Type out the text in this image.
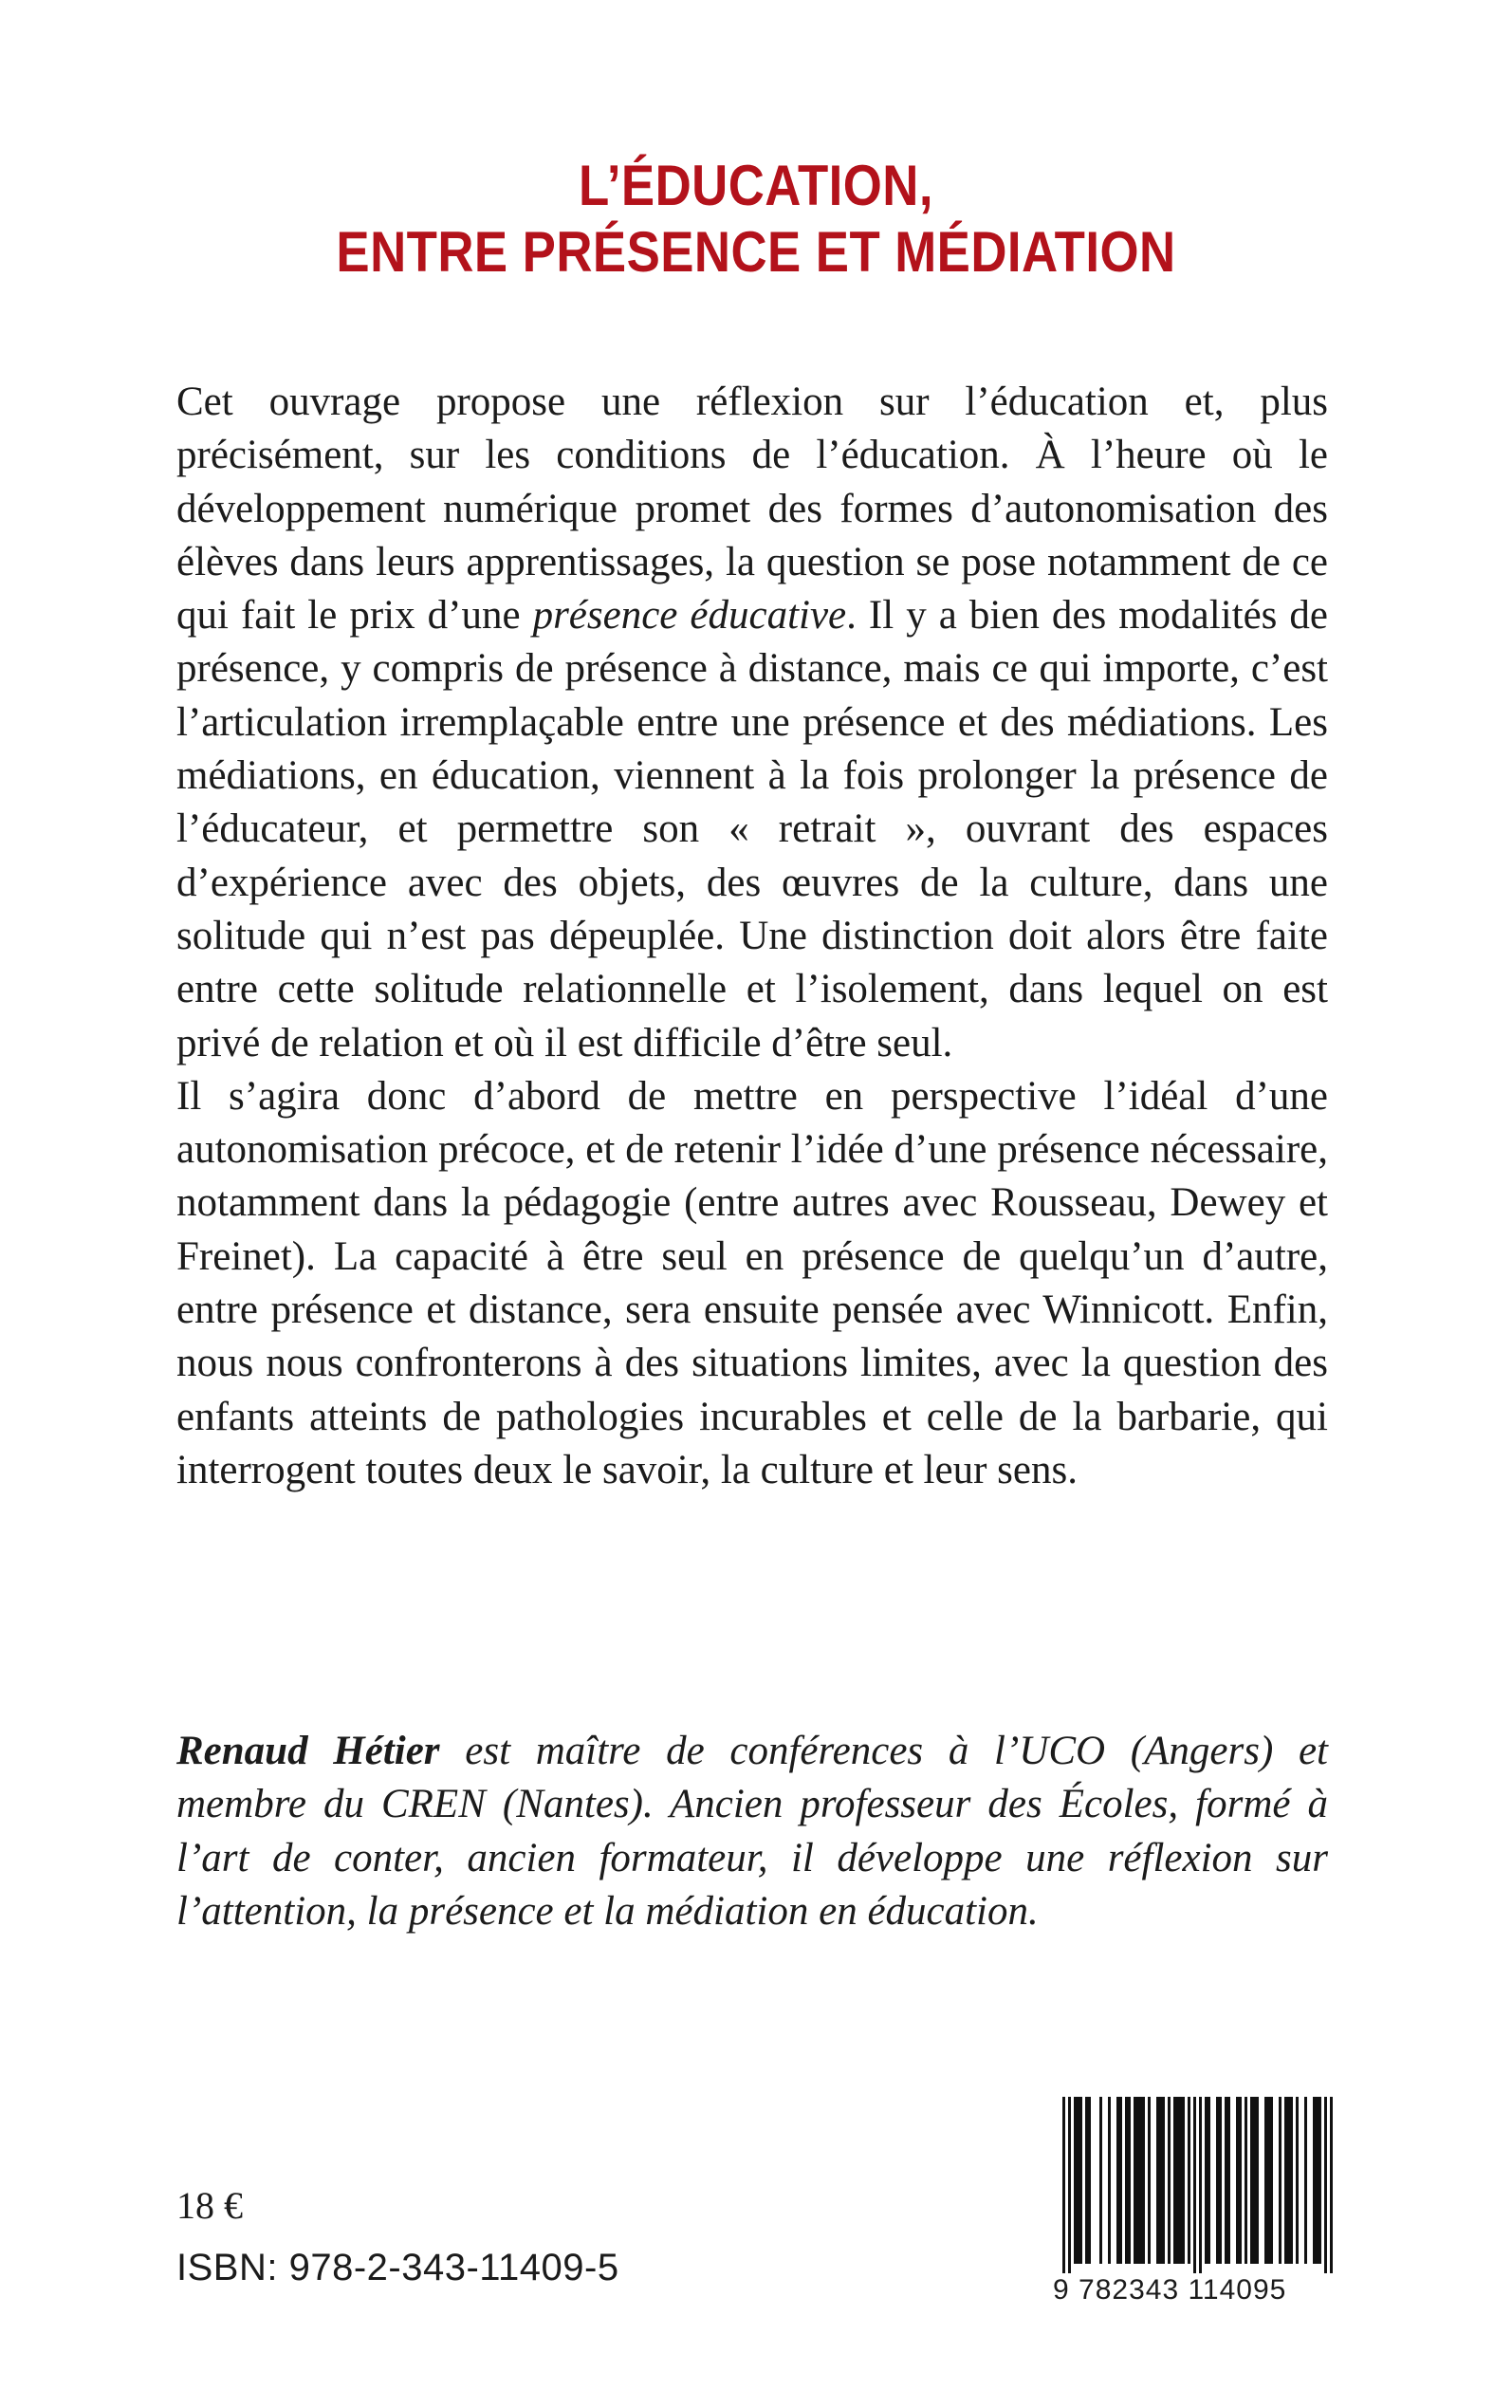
L’ÉDUCATION,
ENTRE PRÉSENCE ET MÉDIATION

Cet ouvrage propose une réflexion sur l’éducation et, plus précisément, sur les conditions de l’éducation. À l’heure où le développement numérique promet des formes d’autonomisation des élèves dans leurs apprentissages, la question se pose notamment de ce qui fait le prix d’une présence éducative. Il y a bien des modalités de présence, y compris de présence à distance, mais ce qui importe, c’est l’articulation irremplaçable entre une présence et des médiations. Les médiations, en éducation, viennent à la fois prolonger la présence de l’éducateur, et permettre son « retrait », ouvrant des espaces d’expérience avec des objets, des œuvres de la culture, dans une solitude qui n’est pas dépeuplée. Une distinction doit alors être faite entre cette solitude relationnelle et l’isolement, dans lequel on est privé de relation et où il est difficile d’être seul.

Il s’agira donc d’abord de mettre en perspective l’idéal d’une autonomisation précoce, et de retenir l’idée d’une présence nécessaire, notamment dans la pédagogie (entre autres avec Rousseau, Dewey et Freinet). La capacité à être seul en présence de quelqu’un d’autre, entre présence et distance, sera ensuite pensée avec Winnicott. Enfin, nous nous confronterons à des situations limites, avec la question des enfants atteints de pathologies incurables et celle de la barbarie, qui interrogent toutes deux le savoir, la culture et leur sens.

Renaud Hétier est maître de conférences à l’UCO (Angers) et membre du CREN (Nantes). Ancien professeur des Écoles, formé à l’art de conter, ancien formateur, il développe une réflexion sur l’attention, la présence et la médiation en éducation.
18 €
ISBN: 978-2-343-11409-5
9 782343 114095
